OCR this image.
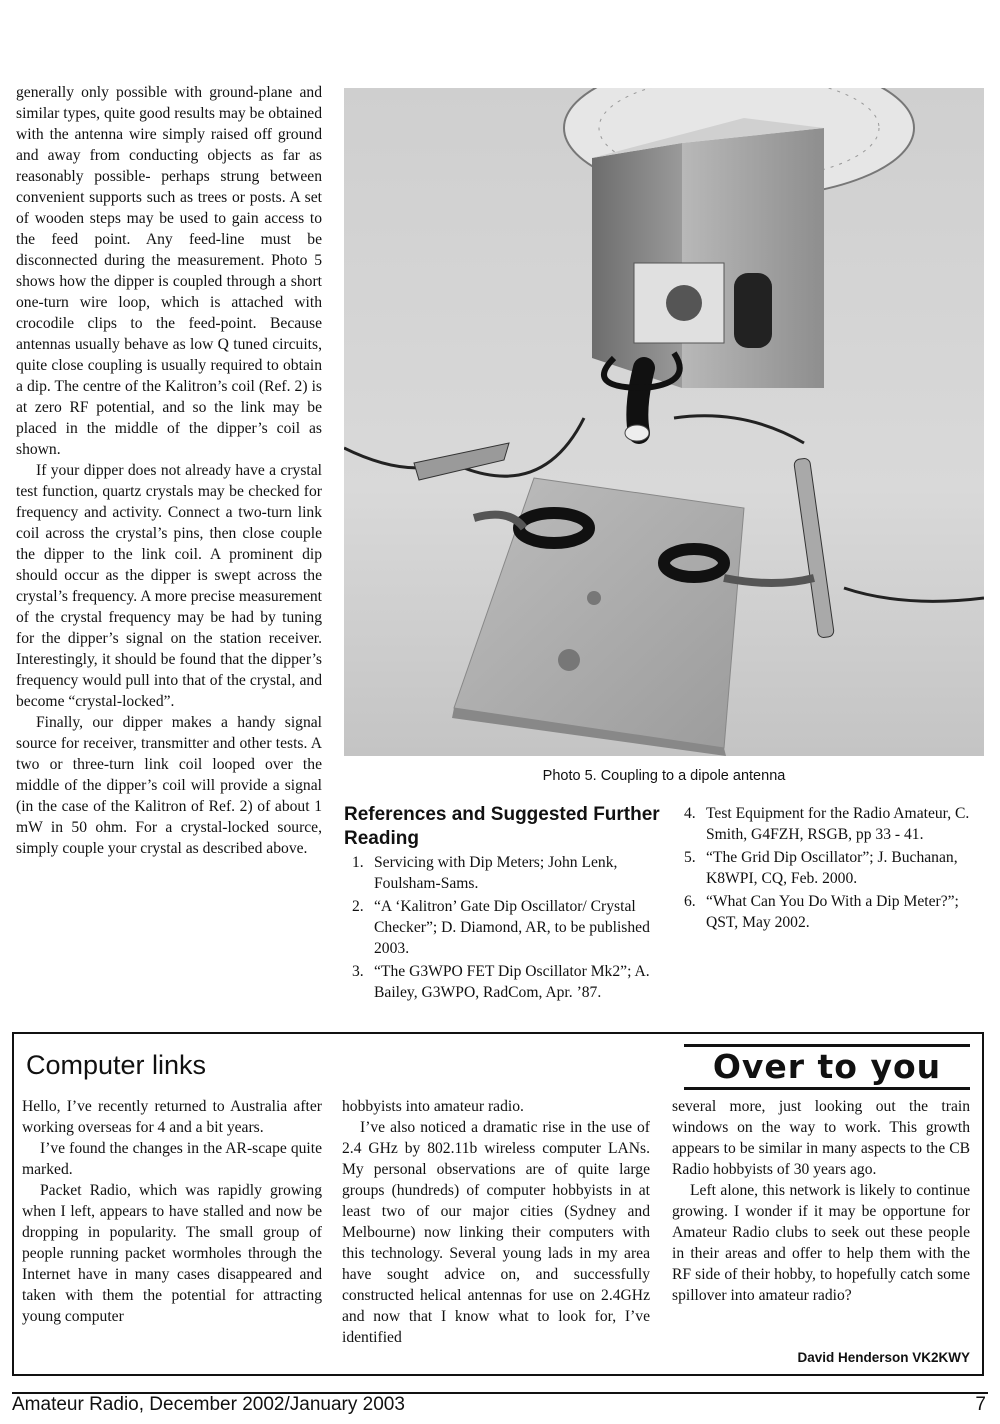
generally only possible with ground-plane and similar types, quite good results may be obtained with the antenna wire simply raised off ground and away from conducting objects as far as reasonably possible- perhaps strung between convenient supports such as trees or posts. A set of wooden steps may be used to gain access to the feed point. Any feed-line must be disconnected during the measurement. Photo 5 shows how the dipper is coupled through a short one-turn wire loop, which is attached with crocodile clips to the feed-point. Because antennas usually behave as low Q tuned circuits, quite close coupling is usually required to obtain a dip. The centre of the Kalitron’s coil (Ref. 2) is at zero RF potential, and so the link may be placed in the middle of the dipper’s coil as shown.

If your dipper does not already have a crystal test function, quartz crystals may be checked for frequency and activity. Connect a two-turn link coil across the crystal’s pins, then close couple the dipper to the link coil. A prominent dip should occur as the dipper is swept across the crystal’s frequency. A more precise measurement of the crystal frequency may be had by tuning for the dipper’s signal on the station receiver. Interestingly, it should be found that the dipper’s frequency would pull into that of the crystal, and become “crystal-locked”.

Finally, our dipper makes a handy signal source for receiver, transmitter and other tests. A two or three-turn link coil looped over the middle of the dipper’s coil will provide a signal (in the case of the Kalitron of Ref. 2) of about 1 mW in 50 ohm. For a crystal-locked source, simply couple your crystal as described above.

Photo 5. Coupling to a dipole antenna
References and Suggested Further Reading
1. Servicing with Dip Meters; John Lenk, Foulsham-Sams.
2. “A ‘Kalitron’ Gate Dip Oscillator/ Crystal Checker”; D. Diamond, AR, to be published 2003.
3. “The G3WPO FET Dip Oscillator Mk2”; A. Bailey, G3WPO, RadCom, Apr. ’87.
4. Test Equipment for the Radio Amateur, C. Smith, G4FZH, RSGB, pp 33 - 41.
5. “The Grid Dip Oscillator”; J. Buchanan, K8WPI, CQ, Feb. 2000.
6. “What Can You Do With a Dip Meter?”; QST, May 2002.
Computer links	Over to you

Hello, I’ve recently returned to Australia after working overseas for 4 and a bit years.

I’ve found the changes in the AR-scape quite marked.

Packet Radio, which was rapidly growing when I left, appears to have stalled and now be dropping in popularity. The small group of people running packet wormholes through the Internet have in many cases disappeared and taken with them the potential for attracting young computer

hobbyists into amateur radio.

I’ve also noticed a dramatic rise in the use of 2.4 GHz by 802.11b wireless computer LANs. My personal observations are of quite large groups (hundreds) of computer hobbyists in at least two of our major cities (Sydney and Melbourne) now linking their computers with this technology. Several young lads in my area have sought advice on, and successfully constructed helical antennas for use on 2.4GHz and now that I know what to look for, I’ve identified

several more, just looking out the train windows on the way to work. This growth appears to be similar in many aspects to the CB Radio hobbyists of 30 years ago.

Left alone, this network is likely to continue growing. I wonder if it may be opportune for Amateur Radio clubs to seek out these people in their areas and offer to help them with the RF side of their hobby, to hopefully catch some spillover into amateur radio?

David Henderson VK2KWY
Amateur Radio, December 2002/January 2003	7
